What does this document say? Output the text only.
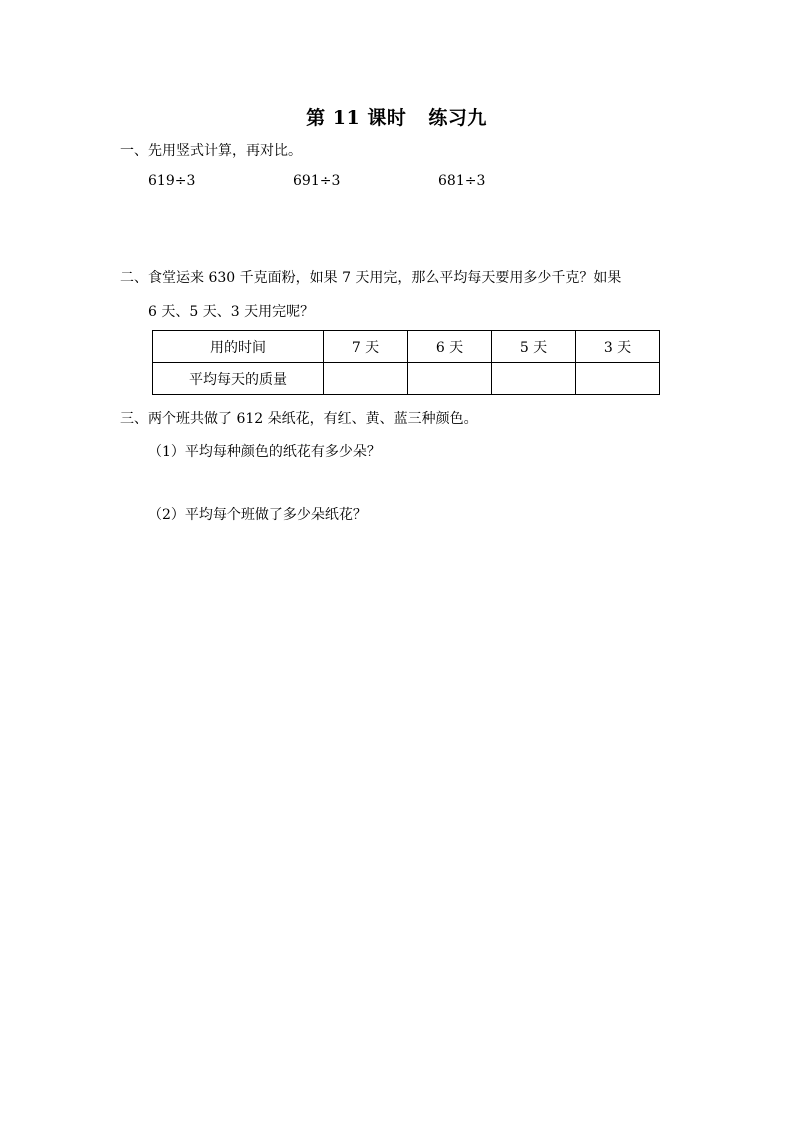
第 11 课时 练习九
一、先用竖式计算，再对比。
619÷3	691÷3	681÷3
二、食堂运来 630 千克面粉，如果 7 天用完，那么平均每天要用多少千克？如果
6 天、5 天、3 天用完呢？
用的时间	7 天	6 天	5 天	3 天
平均每天的质量				
三、两个班共做了 612 朵纸花，有红、黄、蓝三种颜色。
（1）平均每种颜色的纸花有多少朵？
（2）平均每个班做了多少朵纸花？
